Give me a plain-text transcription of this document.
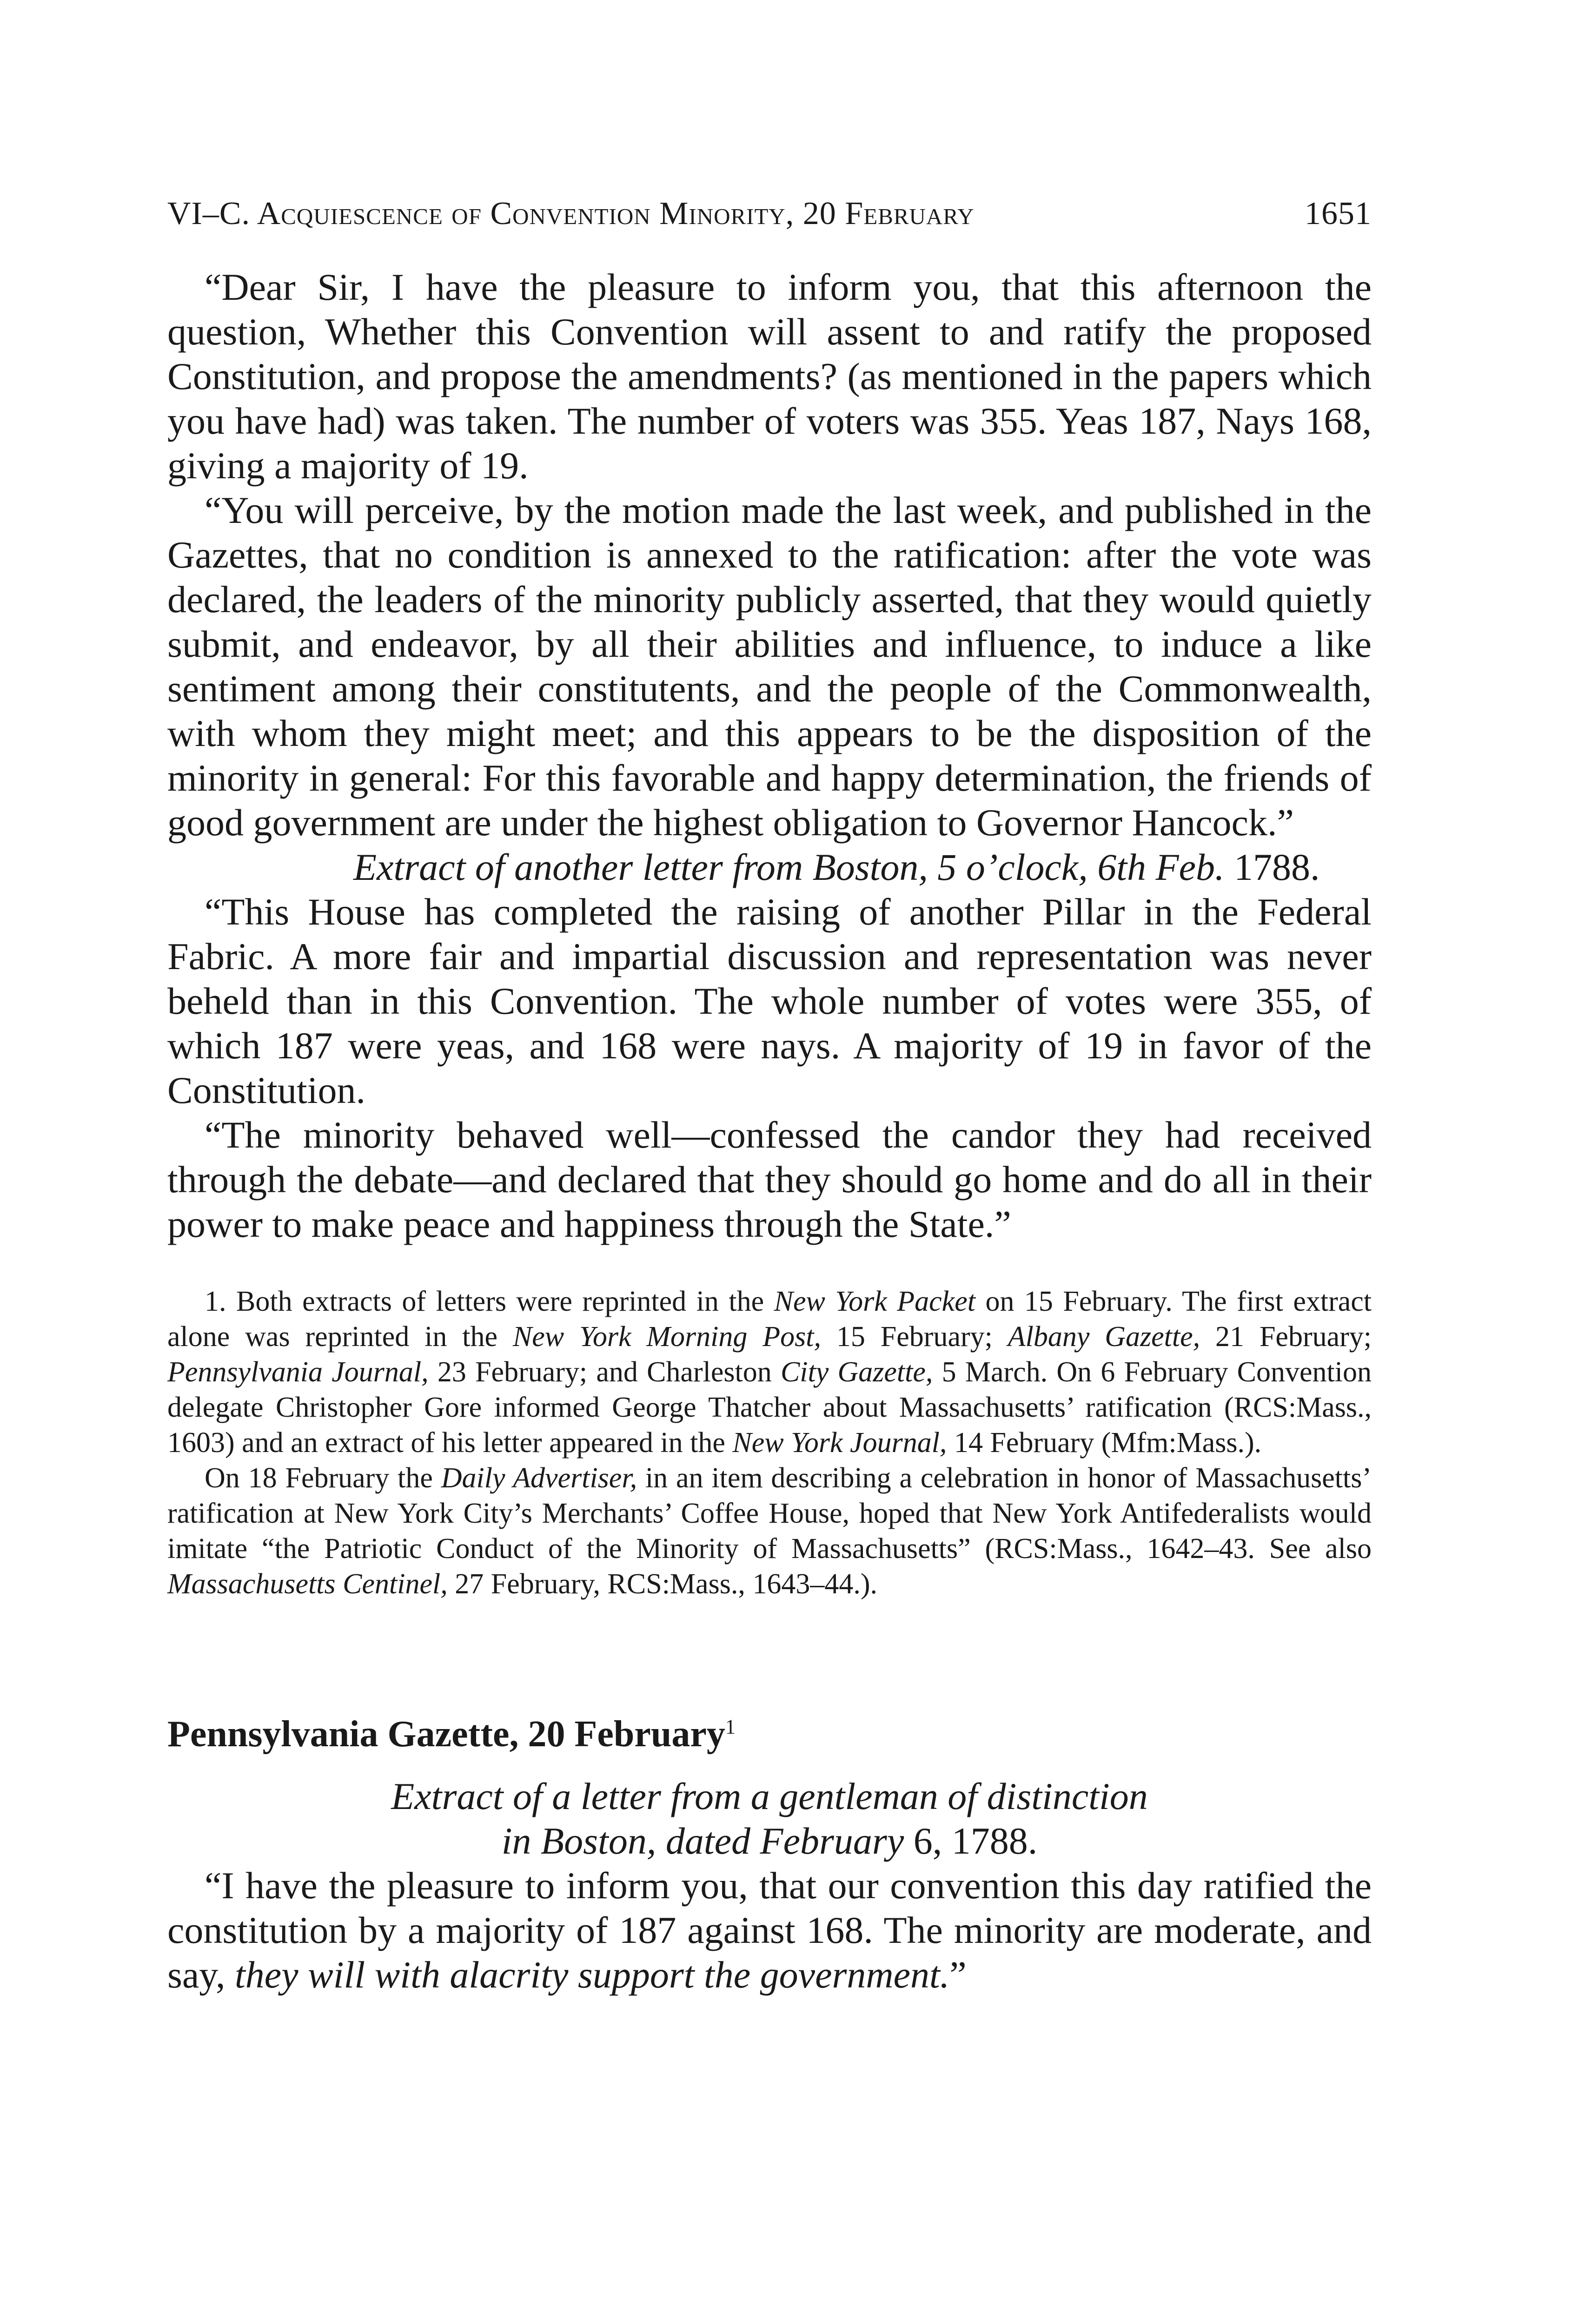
VI–C. Acquiescence of Convention Minority, 20 February	1651

“Dear Sir, I have the pleasure to inform you, that this afternoon the question, Whether this Convention will assent to and ratify the proposed Constitution, and propose the amendments? (as mentioned in the papers which you have had) was taken. The number of voters was 355. Yeas 187, Nays 168, giving a majority of 19.

“You will perceive, by the motion made the last week, and published in the Gazettes, that no condition is annexed to the ratification: after the vote was declared, the leaders of the minority publicly asserted, that they would quietly submit, and endeavor, by all their abilities and influence, to induce a like sentiment among their constitutents, and the people of the Commonwealth, with whom they might meet; and this appears to be the disposition of the minority in general: For this favorable and happy determination, the friends of good government are under the highest obligation to Governor Hancock.”

Extract of another letter from Boston, 5 o’clock, 6th Feb. 1788.

“This House has completed the raising of another Pillar in the Federal Fabric. A more fair and impartial discussion and representation was never beheld than in this Convention. The whole number of votes were 355, of which 187 were yeas, and 168 were nays. A majority of 19 in favor of the Constitution.

“The minority behaved well—confessed the candor they had received through the debate—and declared that they should go home and do all in their power to make peace and happiness through the State.”

1. Both extracts of letters were reprinted in the New York Packet on 15 February. The first extract alone was reprinted in the New York Morning Post, 15 February; Albany Gazette, 21 February; Pennsylvania Journal, 23 February; and Charleston City Gazette, 5 March. On 6 February Convention delegate Christopher Gore informed George Thatcher about Massachusetts’ ratification (RCS:Mass., 1603) and an extract of his letter appeared in the New York Journal, 14 February (Mfm:Mass.).

On 18 February the Daily Advertiser, in an item describing a celebration in honor of Massachusetts’ ratification at New York City’s Merchants’ Coffee House, hoped that New York Antifederalists would imitate “the Patriotic Conduct of the Minority of Massachusetts” (RCS:Mass., 1642–43. See also Massachusetts Centinel, 27 February, RCS:Mass., 1643–44.).

Pennsylvania Gazette, 20 February$^1$

Extract of a letter from a gentleman of distinction

in Boston, dated February 6, 1788.

“I have the pleasure to inform you, that our convention this day ratified the constitution by a majority of 187 against 168. The minority are moderate, and say, they will with alacrity support the government.”
